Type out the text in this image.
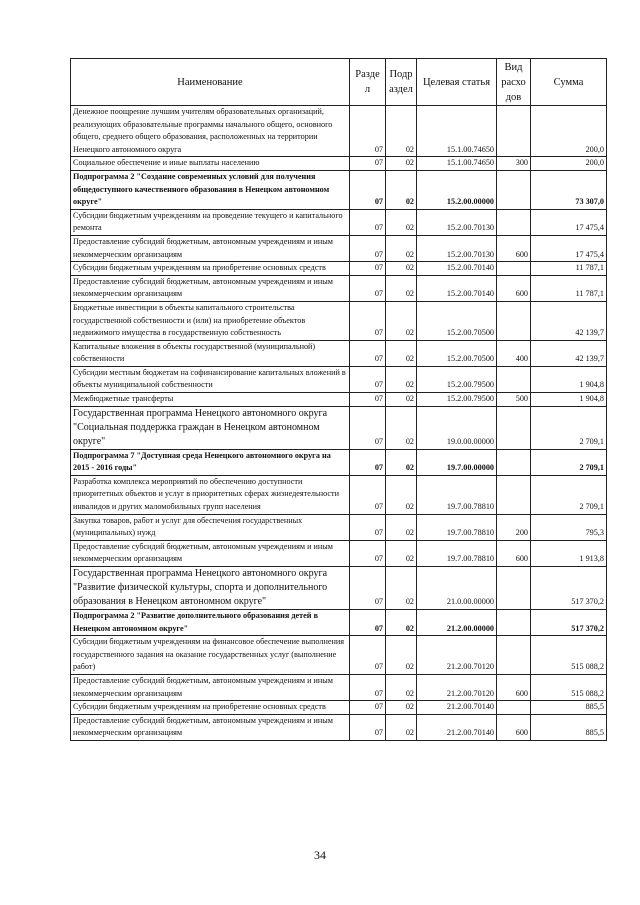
Наименование	Разде л	Подр аздел	Целевая статья	Вид расхо дов	Сумма
Денежное поощрение лучшим учителям образовательных организаций, реализующих образовательные программы начального общего, основного общего, среднего общего образования, расположенных на территории Ненецкого автономного округа	07	02	15.1.00.74650		200,0
Социальное обеспечение и иные выплаты населению	07	02	15.1.00.74650	300	200,0
Подпрограмма 2 "Создание современных условий для получения общедоступного качественного образования в Ненецком автономном округе"	07	02	15.2.00.00000		73 307,0
Субсидии бюджетным учреждениям на проведение текущего и капитального ремонта	07	02	15.2.00.70130		17 475,4
Предоставление субсидий бюджетным, автономным учреждениям и иным некоммерческим организациям	07	02	15.2.00.70130	600	17 475,4
Субсидии бюджетным учреждениям на приобретение основных средств	07	02	15.2.00.70140		11 787,1
Предоставление субсидий бюджетным, автономным учреждениям и иным некоммерческим организациям	07	02	15.2.00.70140	600	11 787,1
Бюджетные инвестиции в объекты капитального строительства государственной собственности и (или) на приобретение объектов недвижимого имущества в государственную собственность	07	02	15.2.00.70500		42 139,7
Капитальные вложения в объекты государственной (муниципальной) собственности	07	02	15.2.00.70500	400	42 139,7
Субсидии местным бюджетам на софинансирование капитальных вложений в объекты муниципальной собственности	07	02	15.2.00.79500		1 904,8
Межбюджетные трансферты	07	02	15.2.00.79500	500	1 904,8
Государственная программа Ненецкого автономного округа "Социальная поддержка граждан в Ненецком автономном округе"	07	02	19.0.00.00000		2 709,1
Подпрограмма 7 "Доступная среда Ненецкого автономного округа на 2015 - 2016 годы"	07	02	19.7.00.00000		2 709,1
Разработка комплекса мероприятий по обеспечению доступности приоритетных объектов и услуг в приоритетных сферах жизнедеятельности инвалидов и других маломобильных групп населения	07	02	19.7.00.78810		2 709,1
Закупка товаров, работ и услуг для обеспечения государственных (муниципальных) нужд	07	02	19.7.00.78810	200	795,3
Предоставление субсидий бюджетным, автономным учреждениям и иным некоммерческим организациям	07	02	19.7.00.78810	600	1 913,8
Государственная программа Ненецкого автономного округа "Развитие физической культуры, спорта и дополнительного образования в Ненецком автономном округе"	07	02	21.0.00.00000		517 370,2
Подпрограмма 2 "Развитие дополнительного образования детей в Ненецком автономном округе"	07	02	21.2.00.00000		517 370,2
Субсидии бюджетным учреждениям на финансовое обеспечение выполнения государственного задания на оказание государственных услуг (выполнение работ)	07	02	21.2.00.70120		515 088,2
Предоставление субсидий бюджетным, автономным учреждениям и иным некоммерческим организациям	07	02	21.2.00.70120	600	515 088,2
Субсидии бюджетным учреждениям на приобретение основных средств	07	02	21.2.00.70140		885,5
Предоставление субсидий бюджетным, автономным учреждениям и иным некоммерческим организациям	07	02	21.2.00.70140	600	885,5
34
